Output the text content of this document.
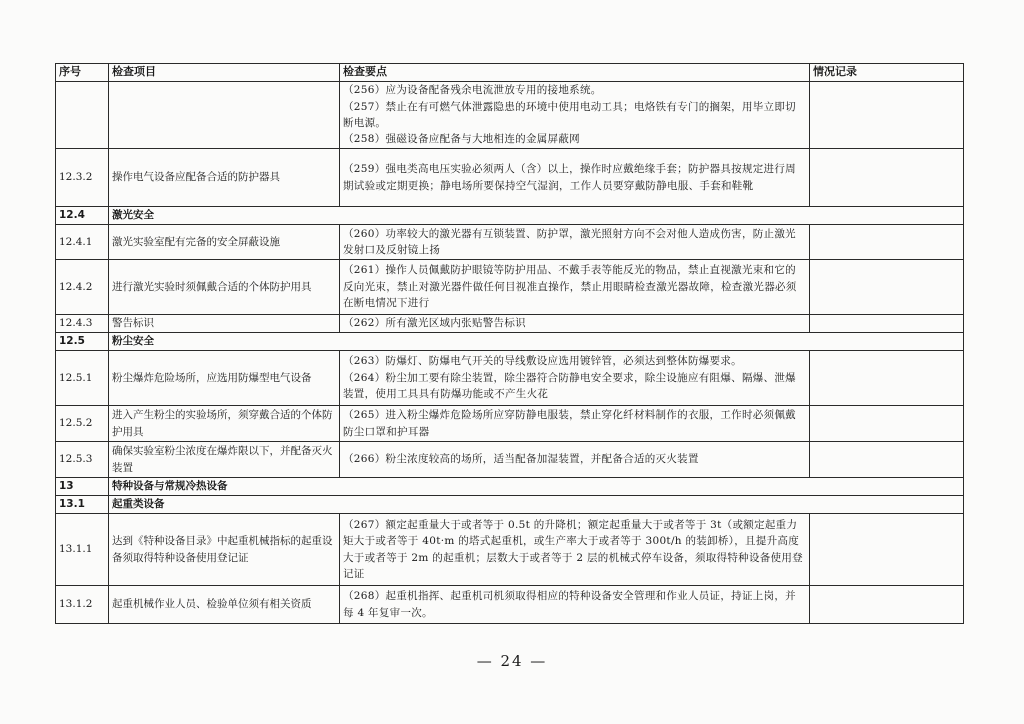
序号	检查项目	检查要点	情况记录

		（256）应为设备配备残余电流泄放专用的接地系统。
（257）禁止在有可燃气体泄露隐患的环境中使用电动工具；电烙铁有专门的搁架，用毕立即切断电源。
（258）强磁设备应配备与大地相连的金属屏蔽网	

12.3.2	操作电气设备应配备合适的防护器具	（259）强电类高电压实验必须两人（含）以上，操作时应戴绝缘手套；防护器具按规定进行周期试验或定期更换；静电场所要保持空气湿润，工作人员要穿戴防静电服、手套和鞋靴	

12.4	激光安全		
12.4.1	激光实验室配有完备的安全屏蔽设施	（260）功率较大的激光器有互锁装置、防护罩，激光照射方向不会对他人造成伤害，防止激光发射口及反射镜上扬	

12.4.2	进行激光实验时须佩戴合适的个体防护用具	（261）操作人员佩戴防护眼镜等防护用品、不戴手表等能反光的物品，禁止直视激光束和它的反向光束，禁止对激光器件做任何目视准直操作，禁止用眼睛检查激光器故障，检查激光器必须在断电情况下进行	

12.4.3	警告标识	（262）所有激光区域内张贴警告标识	

12.5	粉尘安全		
12.5.1	粉尘爆炸危险场所，应选用防爆型电气设备	（263）防爆灯、防爆电气开关的导线敷设应选用镀锌管，必须达到整体防爆要求。
（264）粉尘加工要有除尘装置，除尘器符合防静电安全要求，除尘设施应有阻爆、隔爆、泄爆装置，使用工具具有防爆功能或不产生火花	

12.5.2	进入产生粉尘的实验场所，须穿戴合适的个体防护用具	（265）进入粉尘爆炸危险场所应穿防静电服装，禁止穿化纤材料制作的衣服，工作时必须佩戴防尘口罩和护耳器	

12.5.3	确保实验室粉尘浓度在爆炸限以下，并配备灭火装置	（266）粉尘浓度较高的场所，适当配备加湿装置，并配备合适的灭火装置	

13	特种设备与常规冷热设备		
13.1	起重类设备		
13.1.1	达到《特种设备目录》中起重机械指标的起重设备须取得特种设备使用登记证	（267）额定起重量大于或者等于 0.5t 的升降机；额定起重量大于或者等于 3t（或额定起重力矩大于或者等于 40t·m 的塔式起重机，或生产率大于或者等于 300t/h 的装卸桥），且提升高度大于或者等于 2m 的起重机；层数大于或者等于 2 层的机械式停车设备，须取得特种设备使用登记证	

13.1.2	起重机械作业人员、检验单位须有相关资质	（268）起重机指挥、起重机司机须取得相应的特种设备安全管理和作业人员证，持证上岗，并每 4 年复审一次。	

— 24 —
